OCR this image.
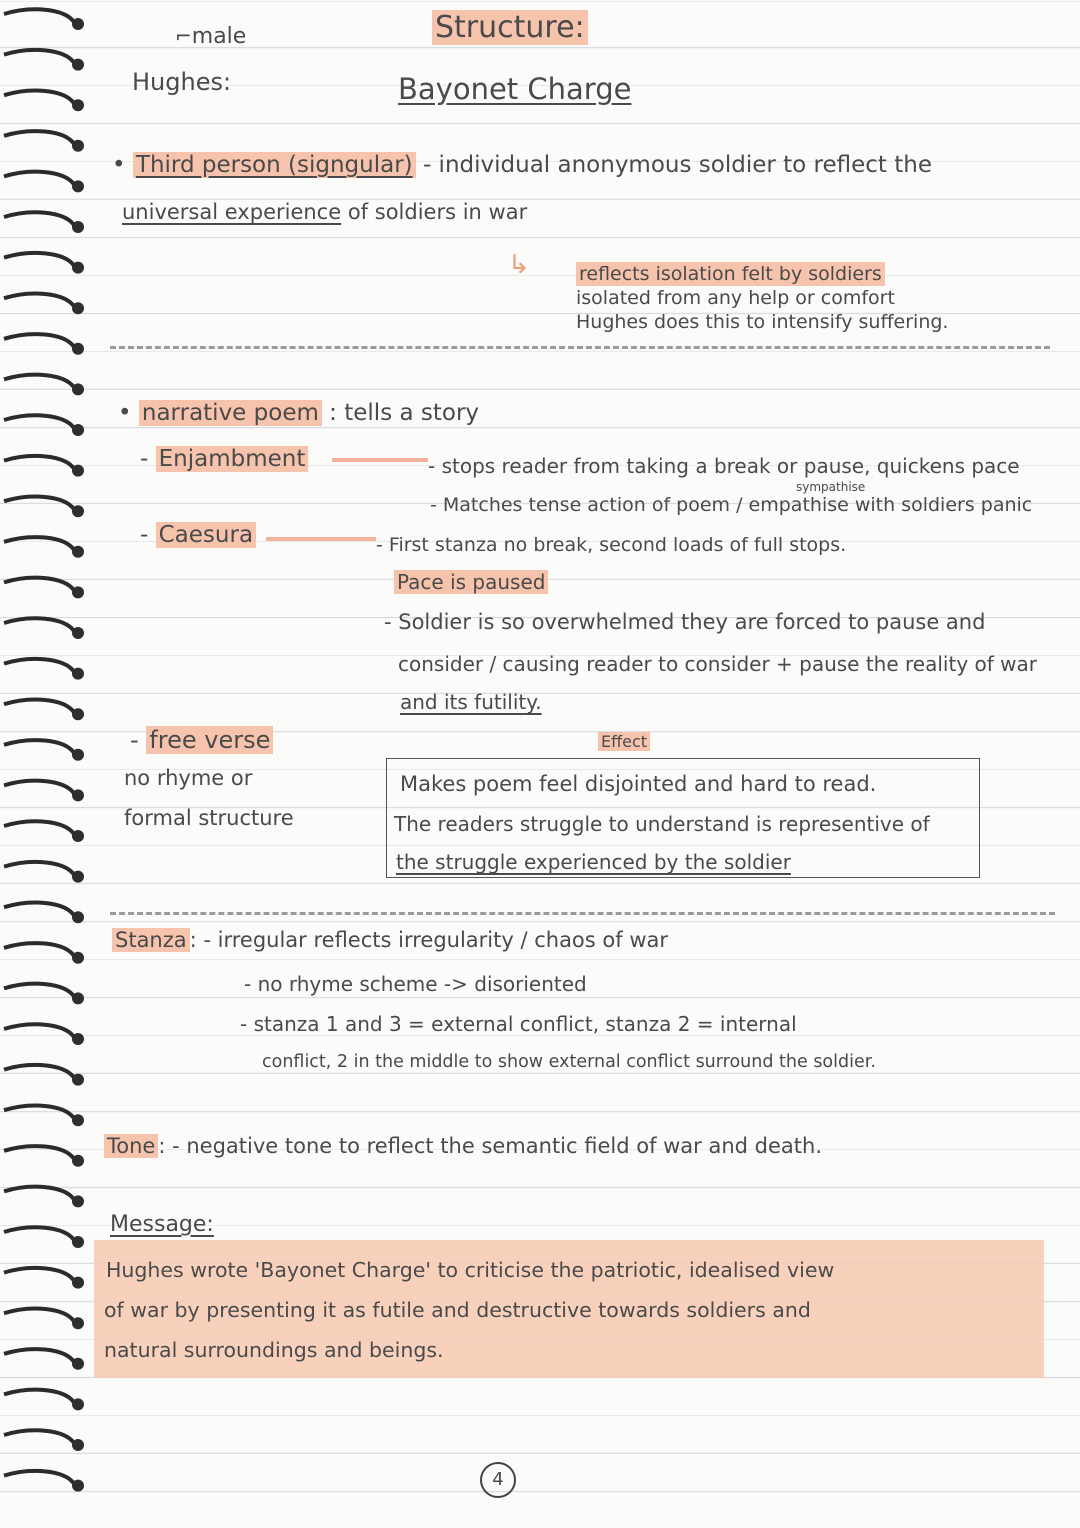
⌐male
Hughes:
Structure:
Bayonet Charge
• Third person (signgular) - individual anonymous soldier to reflect the
universal experience of soldiers in war
↳	reflects isolation felt by soldiers
isolated from any help or comfort
Hughes does this to intensify suffering.
• narrative poem : tells a story
- Enjambment	- stops reader from taking a break or pause, quickens pace
sympathise
- Matches tense action of poem / empathise with soldiers panic
- Caesura	- First stanza no break, second loads of full stops.
Pace is paused
- Soldier is so overwhelmed they are forced to pause and
consider / causing reader to consider + pause the reality of war
and its futility.
- free verse
no rhyme or
formal structure
Effect
Makes poem feel disjointed and hard to read.
The readers struggle to understand is representive of
the struggle experienced by the soldier
Stanza : - irregular reflects irregularity / chaos of war
- no rhyme scheme -> disoriented
- stanza 1 and 3 = external conflict, stanza 2 = internal
conflict, 2 in the middle to show external conflict surround the soldier.
Tone : - negative tone to reflect the semantic field of war and death.
Message:
Hughes wrote 'Bayonet Charge' to criticise the patriotic, idealised view
of war by presenting it as futile and destructive towards soldiers and
natural surroundings and beings.
4
